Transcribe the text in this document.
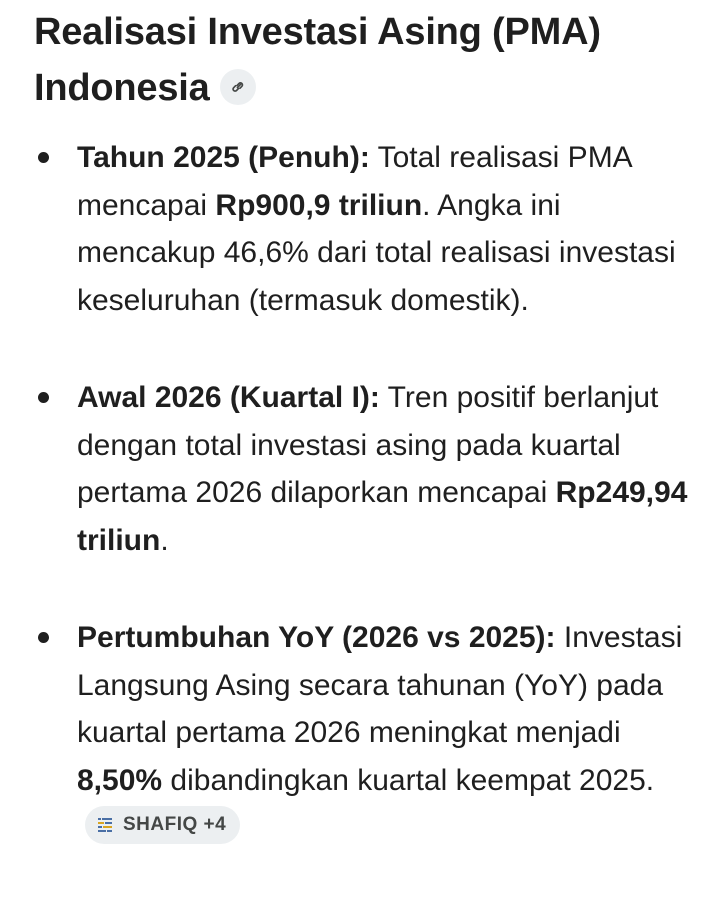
Realisasi Investasi Asing (PMA)
Indonesia
Tahun 2025 (Penuh): Total realisasi PMA mencapai Rp900,9 triliun. Angka ini mencakup 46,6% dari total realisasi investasi keseluruhan (termasuk domestik).
Awal 2026 (Kuartal I): Tren positif berlanjut dengan total investasi asing pada kuartal pertama 2026 dilaporkan mencapai Rp249,94 triliun.
Pertumbuhan YoY (2026 vs 2025): Investasi Langsung Asing secara tahunan (YoY) pada kuartal pertama 2026 meningkat menjadi 8,50% dibandingkan kuartal keempat 2025.
SHAFIQ +4
